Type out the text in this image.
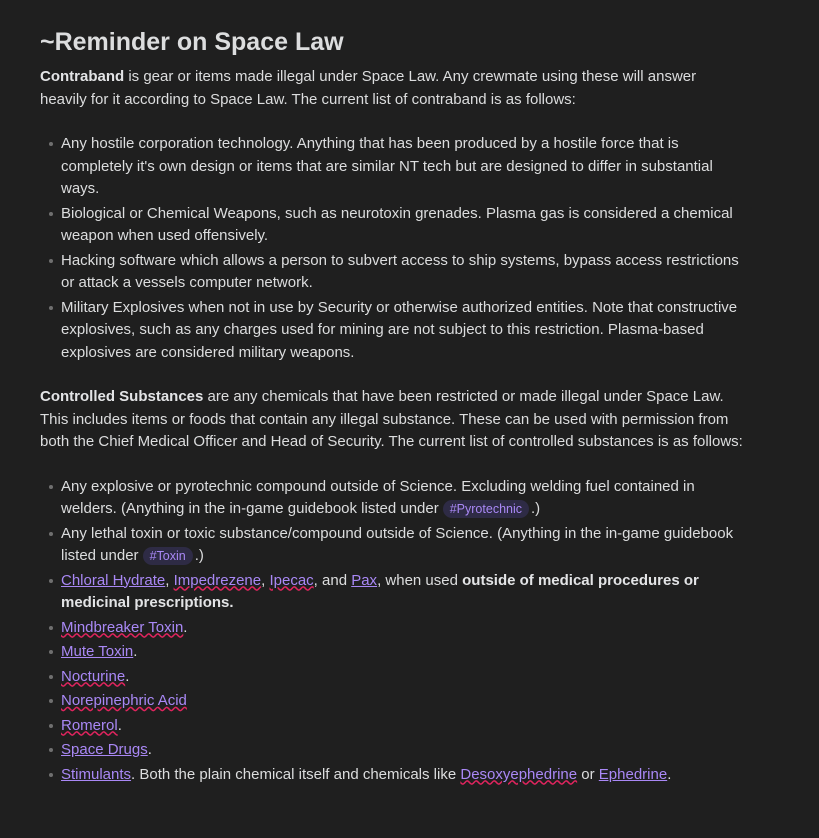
~Reminder on Space Law

Contraband is gear or items made illegal under Space Law. Any crewmate using these will answer heavily for it according to Space Law. The current list of contraband is as follows:

Any hostile corporation technology. Anything that has been produced by a hostile force that is completely it's own design or items that are similar NT tech but are designed to differ in substantial ways.
Biological or Chemical Weapons, such as neurotoxin grenades. Plasma gas is considered a chemical weapon when used offensively.
Hacking software which allows a person to subvert access to ship systems, bypass access restrictions or attack a vessels computer network.
Military Explosives when not in use by Security or otherwise authorized entities. Note that constructive explosives, such as any charges used for mining are not subject to this restriction. Plasma-based explosives are considered military weapons.

Controlled Substances are any chemicals that have been restricted or made illegal under Space Law. This includes items or foods that contain any illegal substance. These can be used with permission from both the Chief Medical Officer and Head of Security. The current list of controlled substances is as follows:

Any explosive or pyrotechnic compound outside of Science. Excluding welding fuel contained in welders. (Anything in the in-game guidebook listed under #Pyrotechnic .)
Any lethal toxin or toxic substance/compound outside of Science. (Anything in the in-game guidebook listed under #Toxin .)
Chloral Hydrate, Impedrezene, Ipecac, and Pax, when used outside of medical procedures or medicinal prescriptions.
Mindbreaker Toxin.
Mute Toxin.
Nocturine.
Norepinephric Acid
Romerol.
Space Drugs.
Stimulants. Both the plain chemical itself and chemicals like Desoxyephedrine or Ephedrine.
